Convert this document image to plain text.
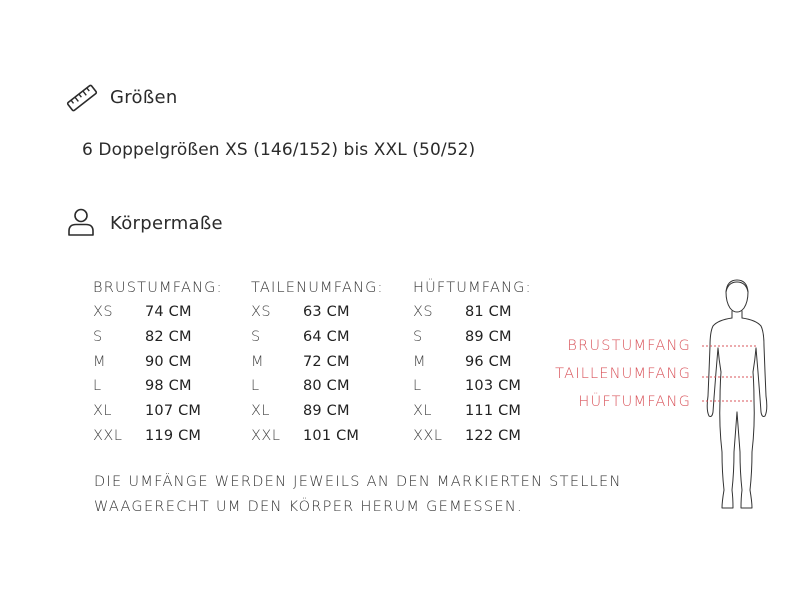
Größen
6 Doppelgrößen XS (146/152) bis XXL (50/52)
Körpermaße
BRUSTUMFANG:
XS 74 CM
S	82 CM
M	90 CM
L	98 CM
XL 107 CM
XXL 119 CM
TAILENUMFANG:
XS 63 CM
S	64 CM
M	72 CM
L	80 CM
XL 89 CM
XXL 101 CM
HÜFTUMFANG:
XS 81 CM
S	89 CM
M	96 CM
L	103 CM
XL 111 CM
XXL 122 CM
DIE UMFÄNGE WERDEN JEWEILS AN DEN MARKIERTEN STELLEN
WAAGERECHT UM DEN KÖRPER HERUM GEMESSEN.
BRUSTUMFANG
TAILLENUMFANG
HÜFTUMFANG
